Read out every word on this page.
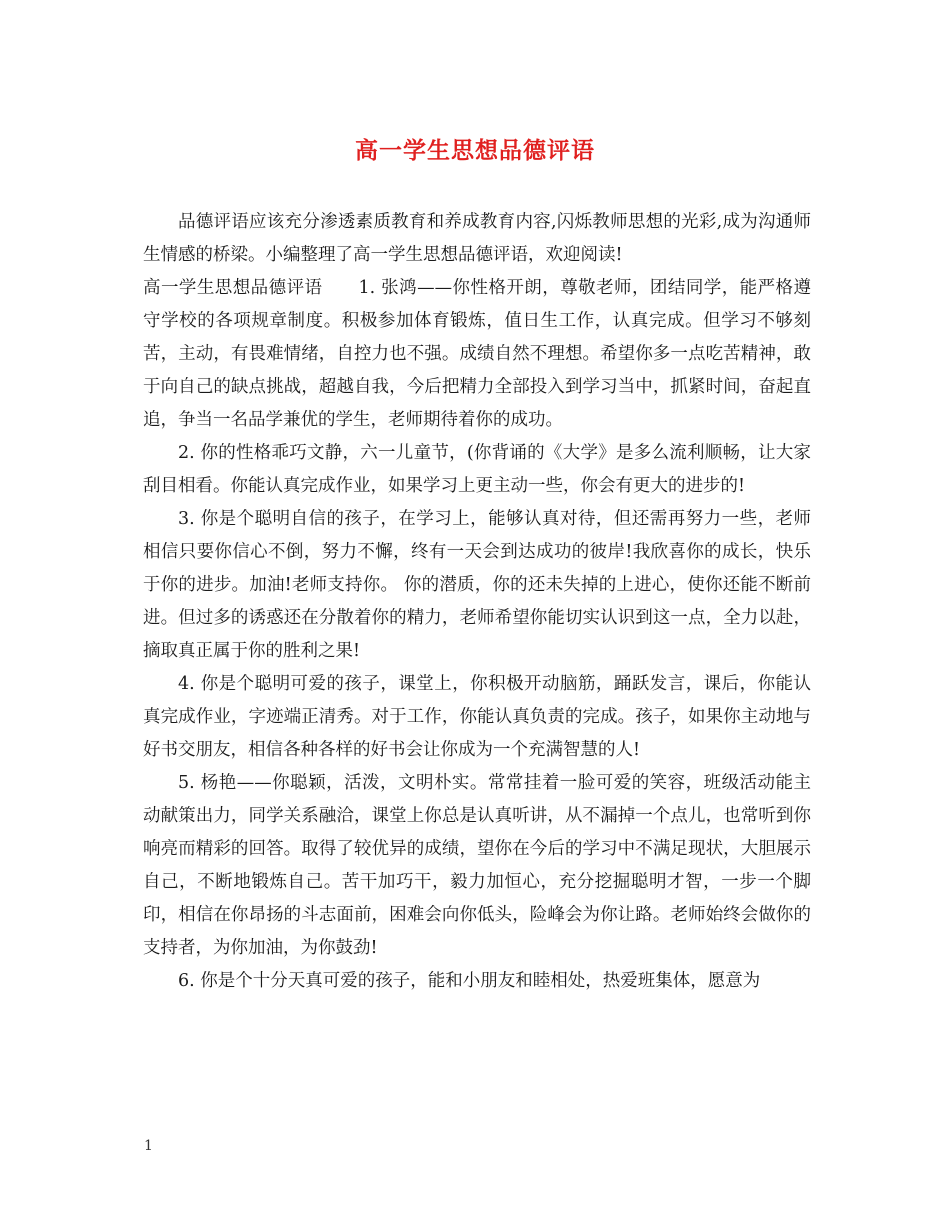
高一学生思想品德评语

品德评语应该充分渗透素质教育和养成教育内容,闪烁教师思想的光彩,成为沟通师生情感的桥梁。小编整理了高一学生思想品德评语，欢迎阅读!

高一学生思想品德评语 1. 张鸿——你性格开朗，尊敬老师，团结同学，能严格遵守学校的各项规章制度。积极参加体育锻炼，值日生工作，认真完成。但学习不够刻苦，主动，有畏难情绪，自控力也不强。成绩自然不理想。希望你多一点吃苦精神，敢于向自己的缺点挑战，超越自我，今后把精力全部投入到学习当中，抓紧时间，奋起直追，争当一名品学兼优的学生，老师期待着你的成功。

2. 你的性格乖巧文静，六一儿童节，(你背诵的《大学》是多么流利顺畅，让大家刮目相看。你能认真完成作业，如果学习上更主动一些，你会有更大的进步的!

3. 你是个聪明自信的孩子，在学习上，能够认真对待，但还需再努力一些，老师相信只要你信心不倒，努力不懈，终有一天会到达成功的彼岸!我欣喜你的成长，快乐于你的进步。加油!老师支持你。 你的潜质，你的还未失掉的上进心，使你还能不断前进。但过多的诱惑还在分散着你的精力，老师希望你能切实认识到这一点，全力以赴，摘取真正属于你的胜利之果!

4. 你是个聪明可爱的孩子，课堂上，你积极开动脑筋，踊跃发言，课后，你能认真完成作业，字迹端正清秀。对于工作，你能认真负责的完成。孩子，如果你主动地与好书交朋友，相信各种各样的好书会让你成为一个充满智慧的人!

5. 杨艳——你聪颖，活泼，文明朴实。常常挂着一脸可爱的笑容，班级活动能主动献策出力，同学关系融洽，课堂上你总是认真听讲，从不漏掉一个点儿，也常听到你响亮而精彩的回答。取得了较优异的成绩，望你在今后的学习中不满足现状，大胆展示自己，不断地锻炼自己。苦干加巧干，毅力加恒心，充分挖掘聪明才智，一步一个脚印，相信在你昂扬的斗志面前，困难会向你低头，险峰会为你让路。老师始终会做你的支持者，为你加油，为你鼓劲!

6. 你是个十分天真可爱的孩子，能和小朋友和睦相处，热爱班集体，愿意为

1
